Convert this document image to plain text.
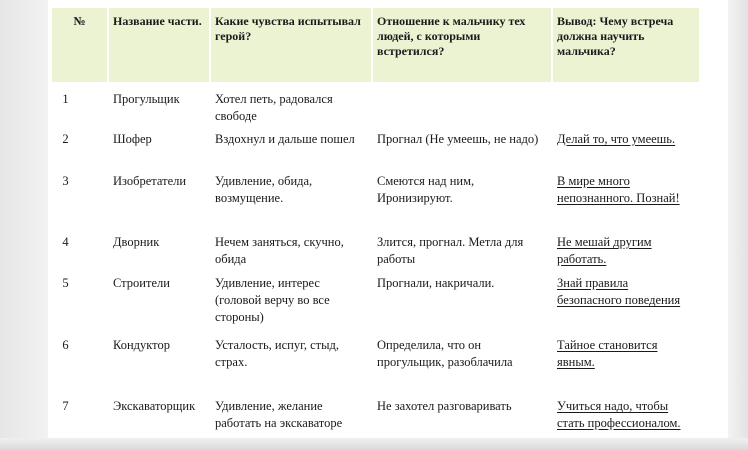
№	Название части.	Какие чувства испытывал герой?	Отношение к мальчику тех людей, с которыми встретился?	Вывод: Чему встреча должна научить мальчика?

1	Прогульщик	Хотел петь, радовался свободе		
2	Шофер	Вздохнул и дальше пошел	Прогнал (Не умеешь, не надо)	Делай то, что умеешь.
3	Изобретатели	Удивление, обида, возмущение.	Смеются над ним, Иронизируют.	В мире много непознанного. Познай!
4	Дворник	Нечем заняться, скучно, обида	Злится, прогнал. Метла для работы	Не мешай другим работать.
5	Строители	Удивление, интерес (головой верчу во все стороны)	Прогнали, накричали.	Знай правила безопасного поведения
6	Кондуктор	Усталость, испуг, стыд, страх.	Определила, что он прогульщик, разоблачила	Тайное становится явным.
7	Экскаваторщик	Удивление, желание работать на экскаваторе	Не захотел разговаривать	Учиться надо, чтобы стать профессионалом.
